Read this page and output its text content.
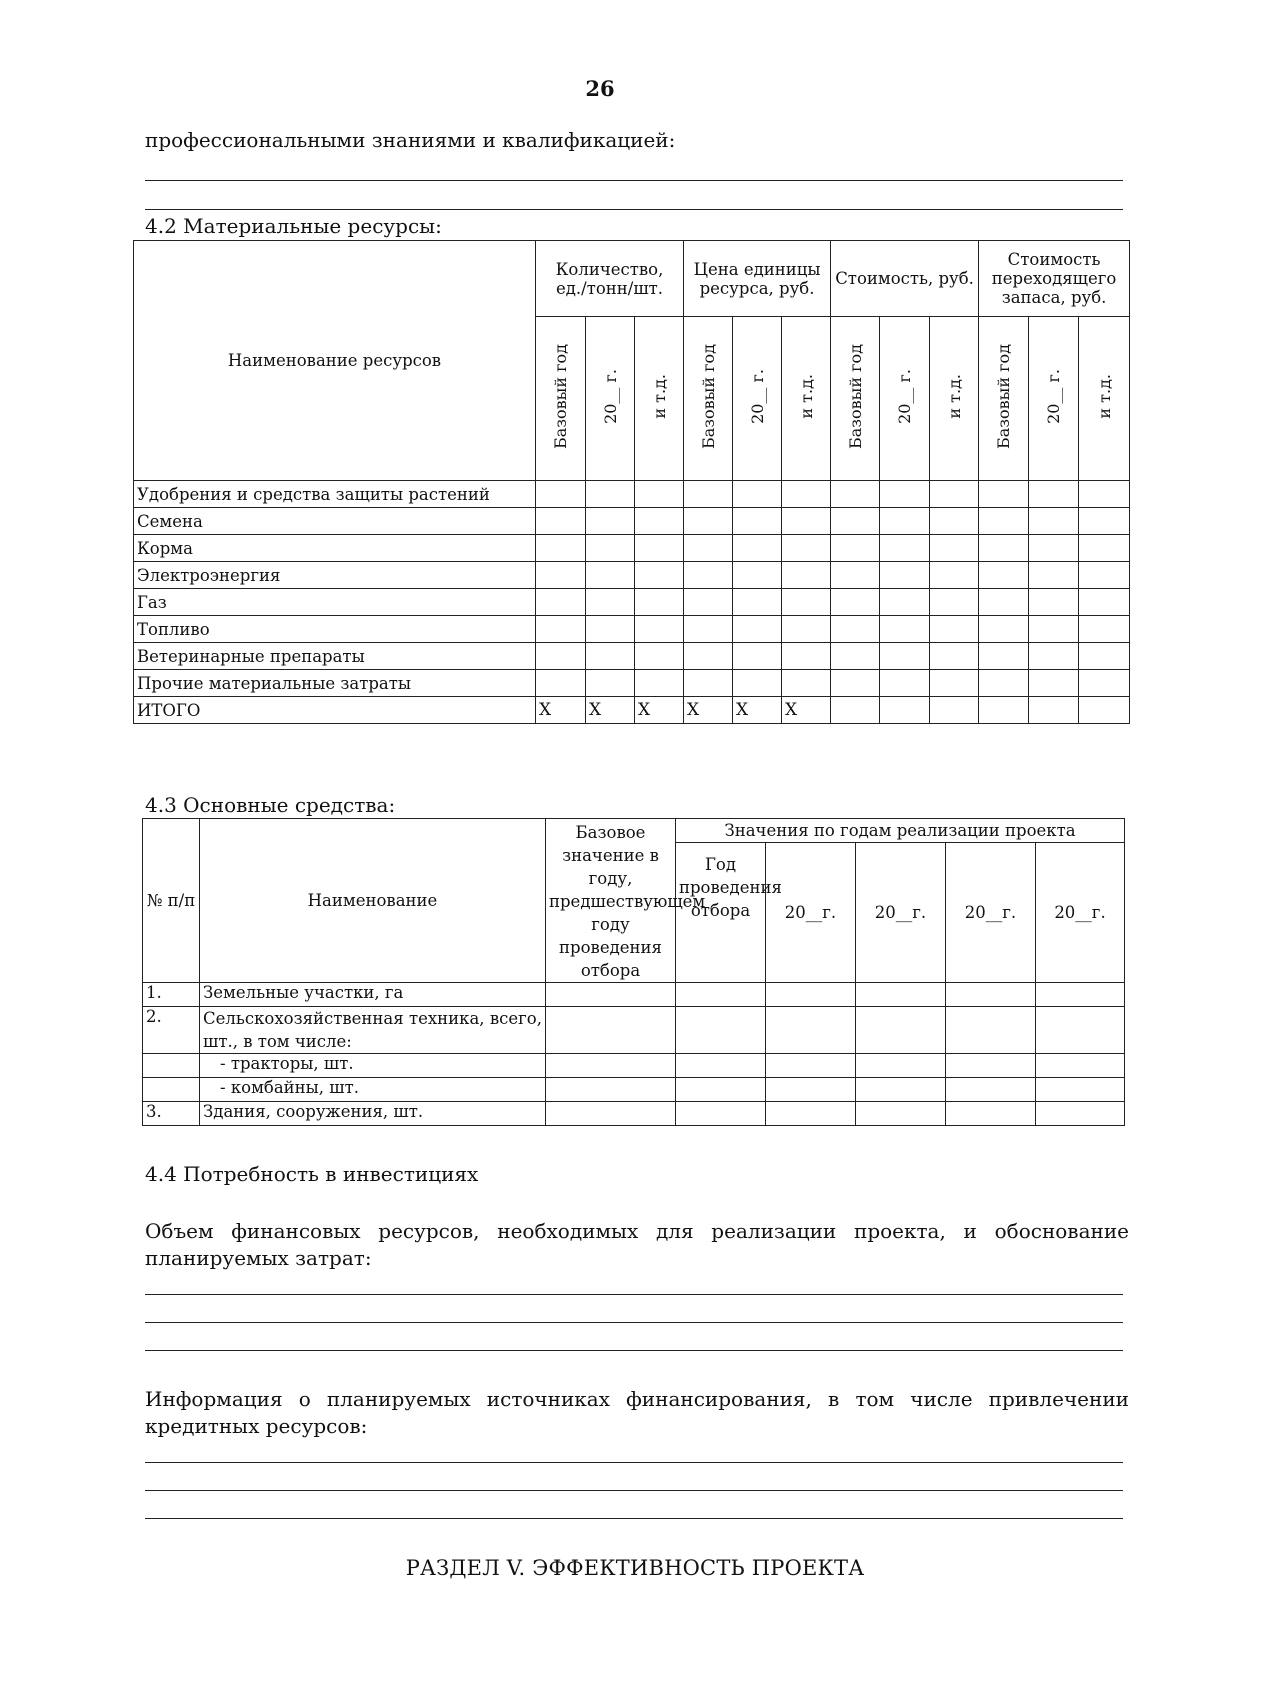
26
профессиональными знаниями и квалификацией:
4.2 Материальные ресурсы:
Наименование ресурсов	Количество, ед./тонн/шт.			Цена единицы ресурса, руб.			Стоимость, руб.			Стоимость переходящего запаса, руб.		
	Базовый год	20__ г.	и т.д.	Базовый год	20__ г.	и т.д.	Базовый год	20__ г.	и т.д.	Базовый год	20__ г.	и т.д.
Удобрения и средства защиты растений												
Семена												
Корма												
Электроэнергия												
Газ												
Топливо												
Ветеринарные препараты												
Прочие материальные затраты												
ИТОГО	Х	Х	Х	Х	Х	Х						
4.3 Основные средства:
№ п/п	Наименование	Базовое значение в году, предшествующем году проведения отбора	Значения по годам реализации проекта				
			Год проведения отбора	20__г.	20__г.	20__г.	20__г.
1.	Земельные участки, га						
2.	Сельскохозяйственная техника, всего, шт., в том числе:						
	- тракторы, шт.						
	- комбайны, шт.						
3.	Здания, сооружения, шт.						
4.4 Потребность в инвестициях
Объем финансовых ресурсов, необходимых для реализации проекта, и обоснование планируемых затрат:
Информация о планируемых источниках финансирования, в том числе привлечении кредитных ресурсов:
РАЗДЕЛ V. ЭФФЕКТИВНОСТЬ ПРОЕКТА
